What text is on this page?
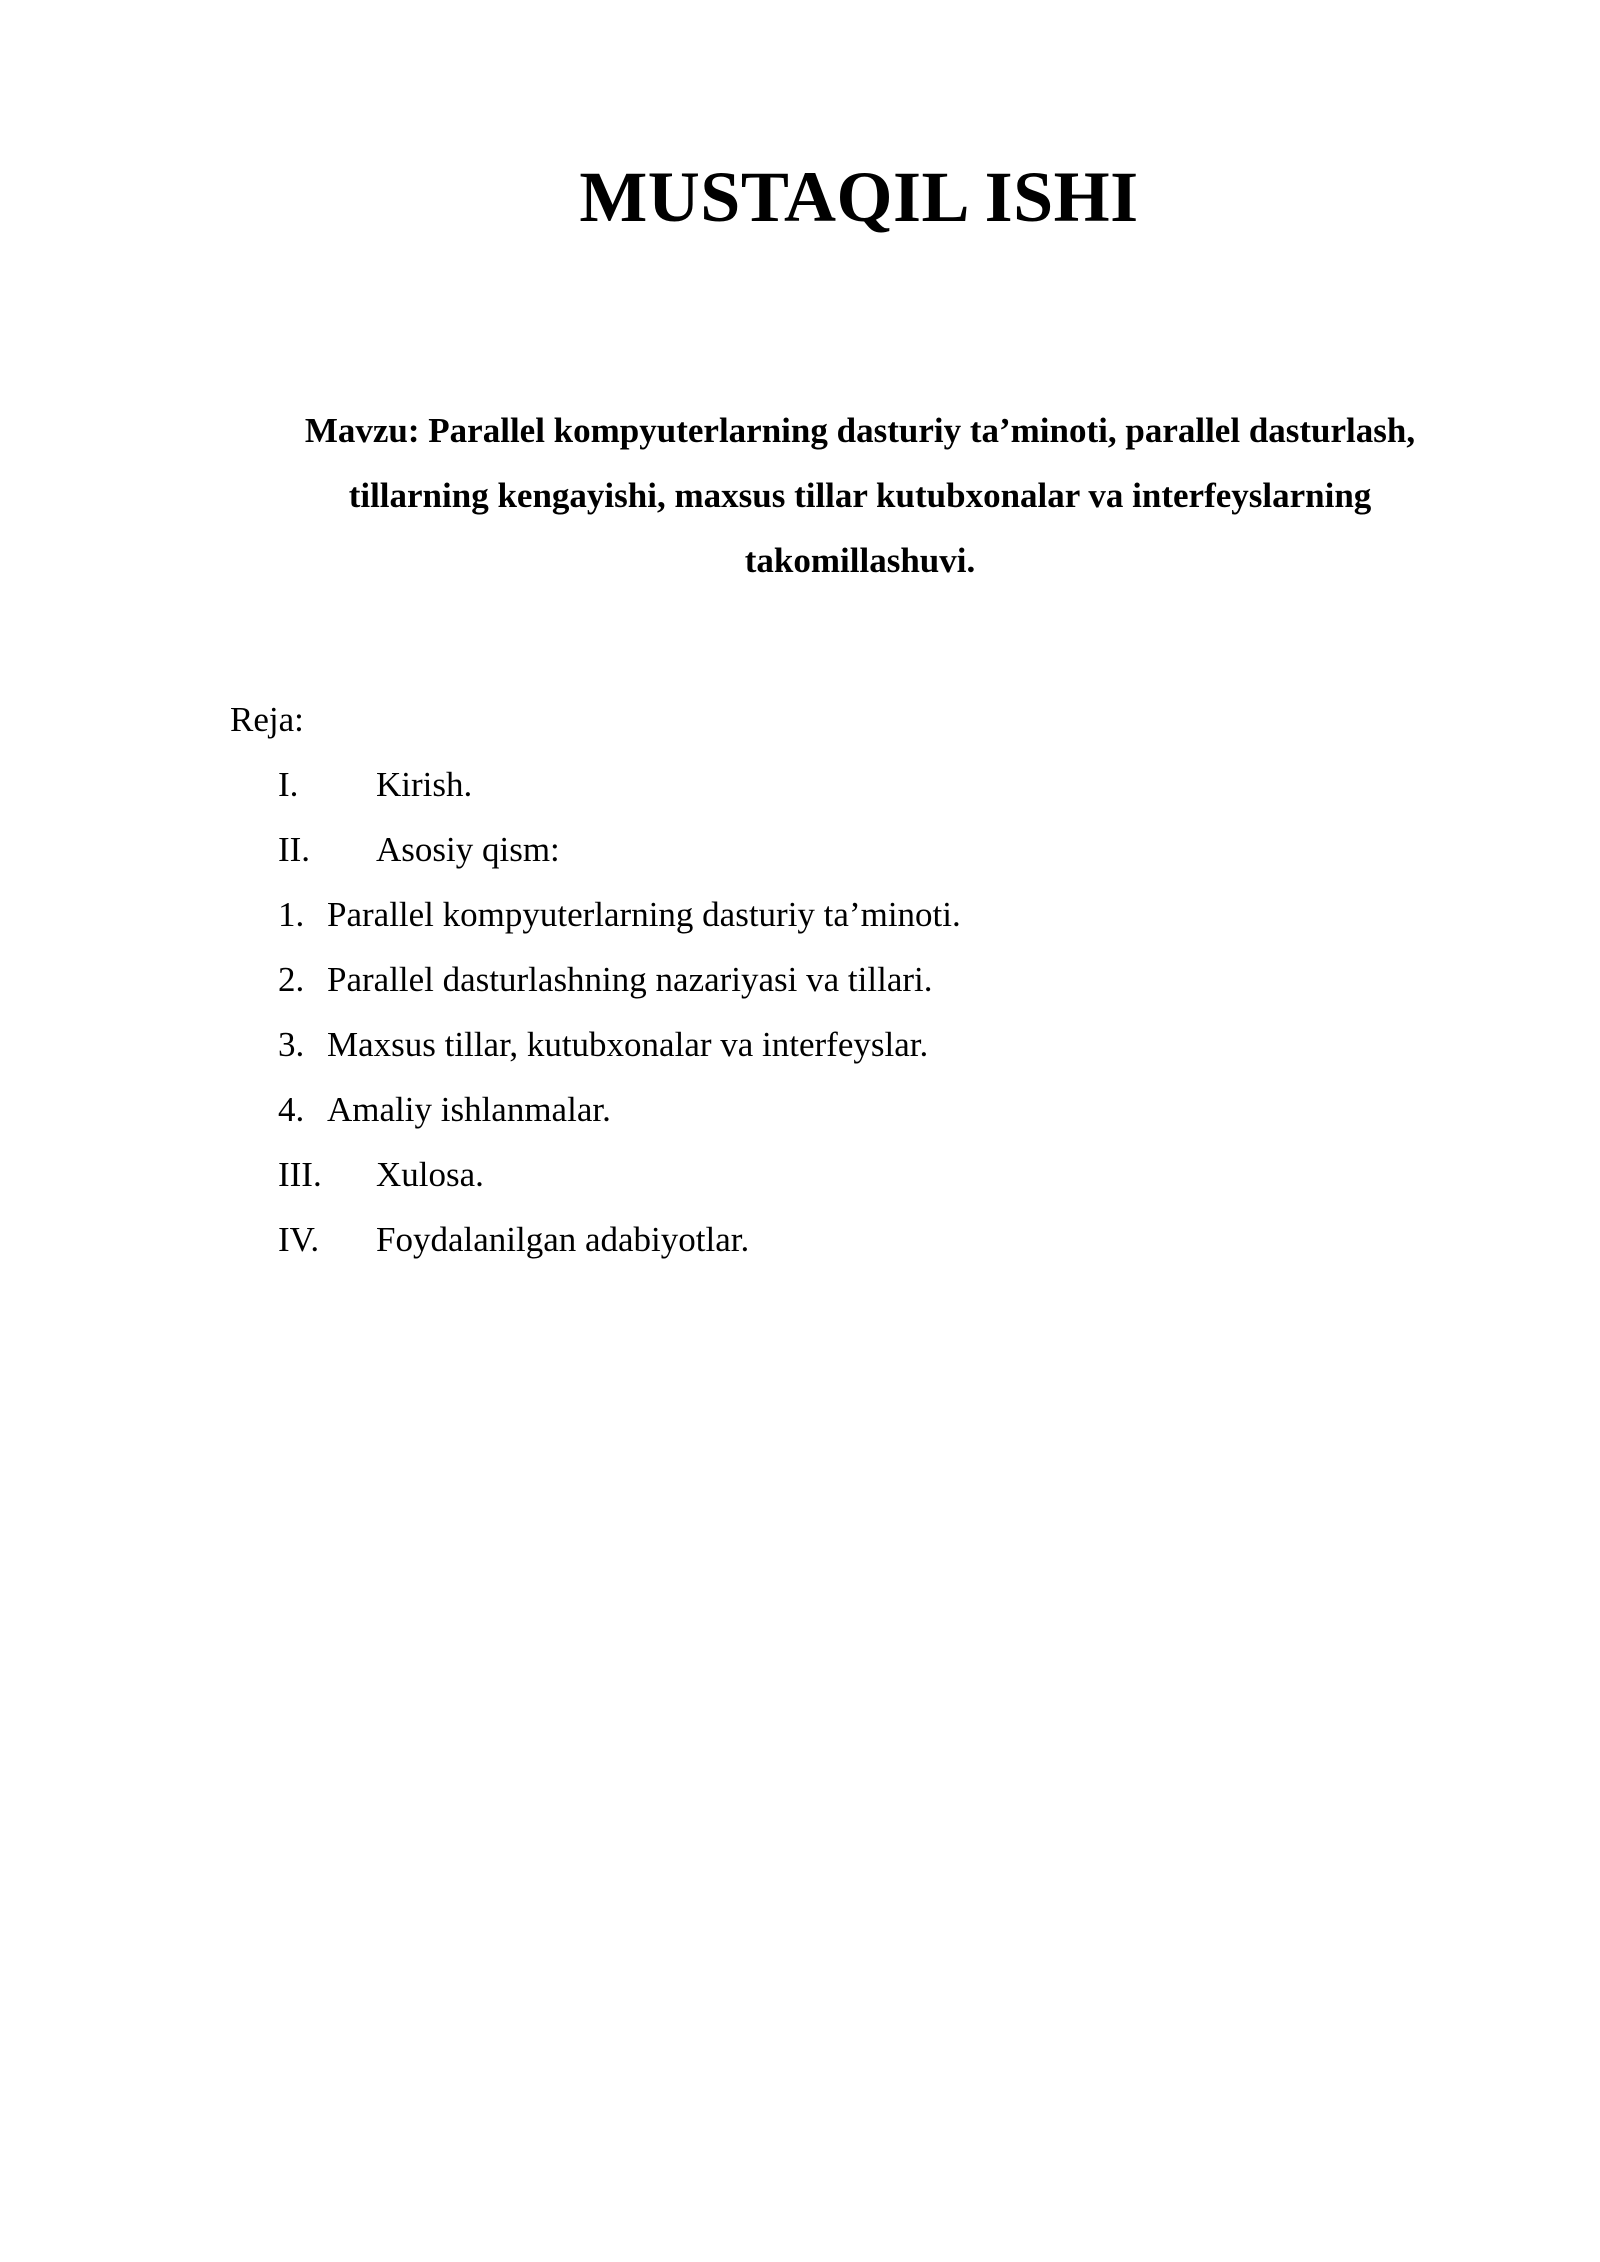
MUSTAQIL ISHI

Mavzu: Parallel kompyuterlarning dasturiy ta’minoti, parallel dasturlash, tillarning kengayishi, maxsus tillar kutubxonalar va interfeyslarning takomillashuvi.

Reja:

I. Kirish.
II. Asosiy qism:
1. Parallel kompyuterlarning dasturiy ta’minoti.
2. Parallel dasturlashning nazariyasi va tillari.
3. Maxsus tillar, kutubxonalar va interfeyslar.
4. Amaliy ishlanmalar.
III. Xulosa.
IV. Foydalanilgan adabiyotlar.
